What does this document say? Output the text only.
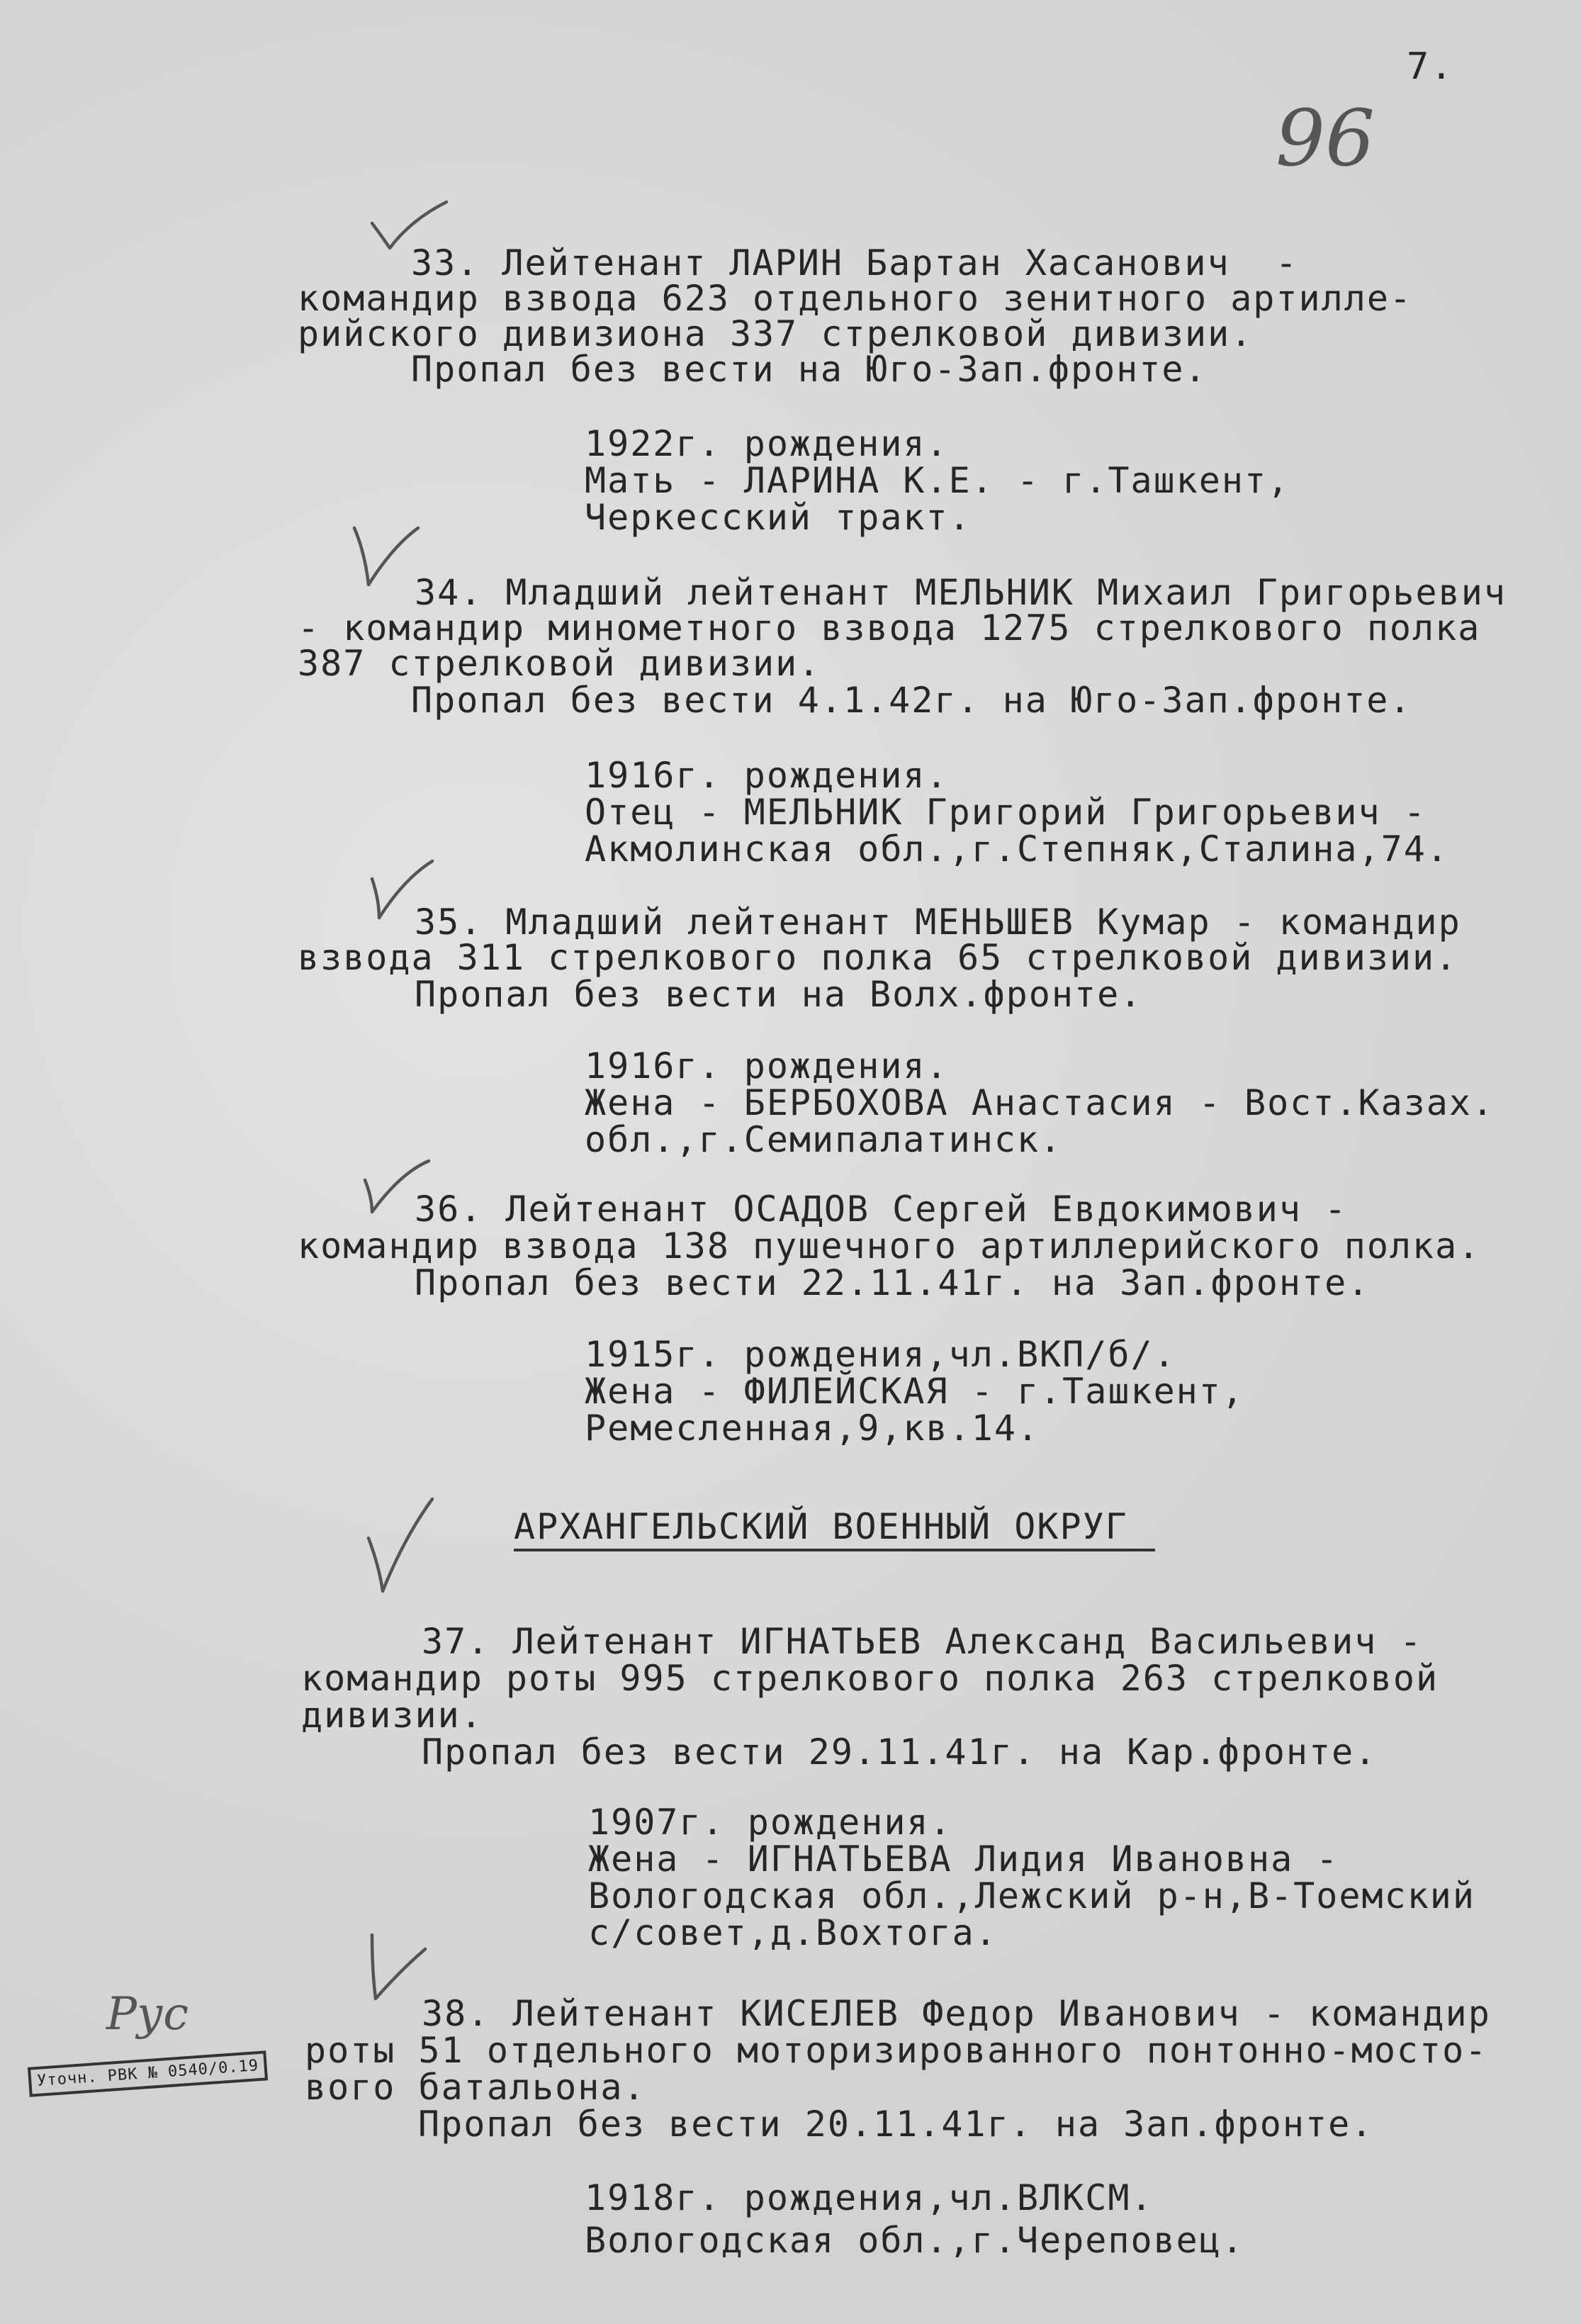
7.
96
33. Лейтенант ЛАРИН Бартан Хасанович  -
командир взвода 623 отдельного зенитного артилле-
рийского дивизиона 337 стрелковой дивизии.
Пропал без вести на Юго-Зап.фронте.
1922г. рождения.
Мать - ЛАРИНА К.Е. - г.Ташкент,
Черкесский тракт.
34. Младший лейтенант МЕЛЬНИК Михаил Григорьевич
- командир минометного взвода 1275 стрелкового полка
387 стрелковой дивизии.
Пропал без вести 4.1.42г. на Юго-Зап.фронте.
1916г. рождения.
Отец - МЕЛЬНИК Григорий Григорьевич -
Акмолинская обл.,г.Степняк,Сталина,74.
35. Младший лейтенант МЕНЬШЕВ Кумар - командир
взвода 311 стрелкового полка 65 стрелковой дивизии.
Пропал без вести на Волх.фронте.
1916г. рождения.
Жена - БЕРБОХОВА Анастасия - Вост.Казах.
обл.,г.Семипалатинск.
36. Лейтенант ОСАДОВ Сергей Евдокимович -
командир взвода 138 пушечного артиллерийского полка.
Пропал без вести 22.11.41г. на Зап.фронте.
1915г. рождения,чл.ВКП/б/.
Жена - ФИЛЕЙСКАЯ - г.Ташкент,
Ремесленная,9,кв.14.
АРХАНГЕЛЬСКИЙ ВОЕННЫЙ ОКРУГ
37. Лейтенант ИГНАТЬЕВ Александ Васильевич -
командир роты 995 стрелкового полка 263 стрелковой
дивизии.
Пропал без вести 29.11.41г. на Кар.фронте.
1907г. рождения.
Жена - ИГНАТЬЕВА Лидия Ивановна -
Вологодская обл.,Лежский р-н,В-Тоемский
с/совет,д.Вохтога.
38. Лейтенант КИСЕЛЕВ Федор Иванович - командир
роты 51 отдельного моторизированного понтонно-мосто-
вого батальона.
Пропал без вести 20.11.41г. на Зап.фронте.
1918г. рождения,чл.ВЛКСМ.
Вологодская обл.,г.Череповец.
Рус
Уточн. РВК № 0540/0.19
